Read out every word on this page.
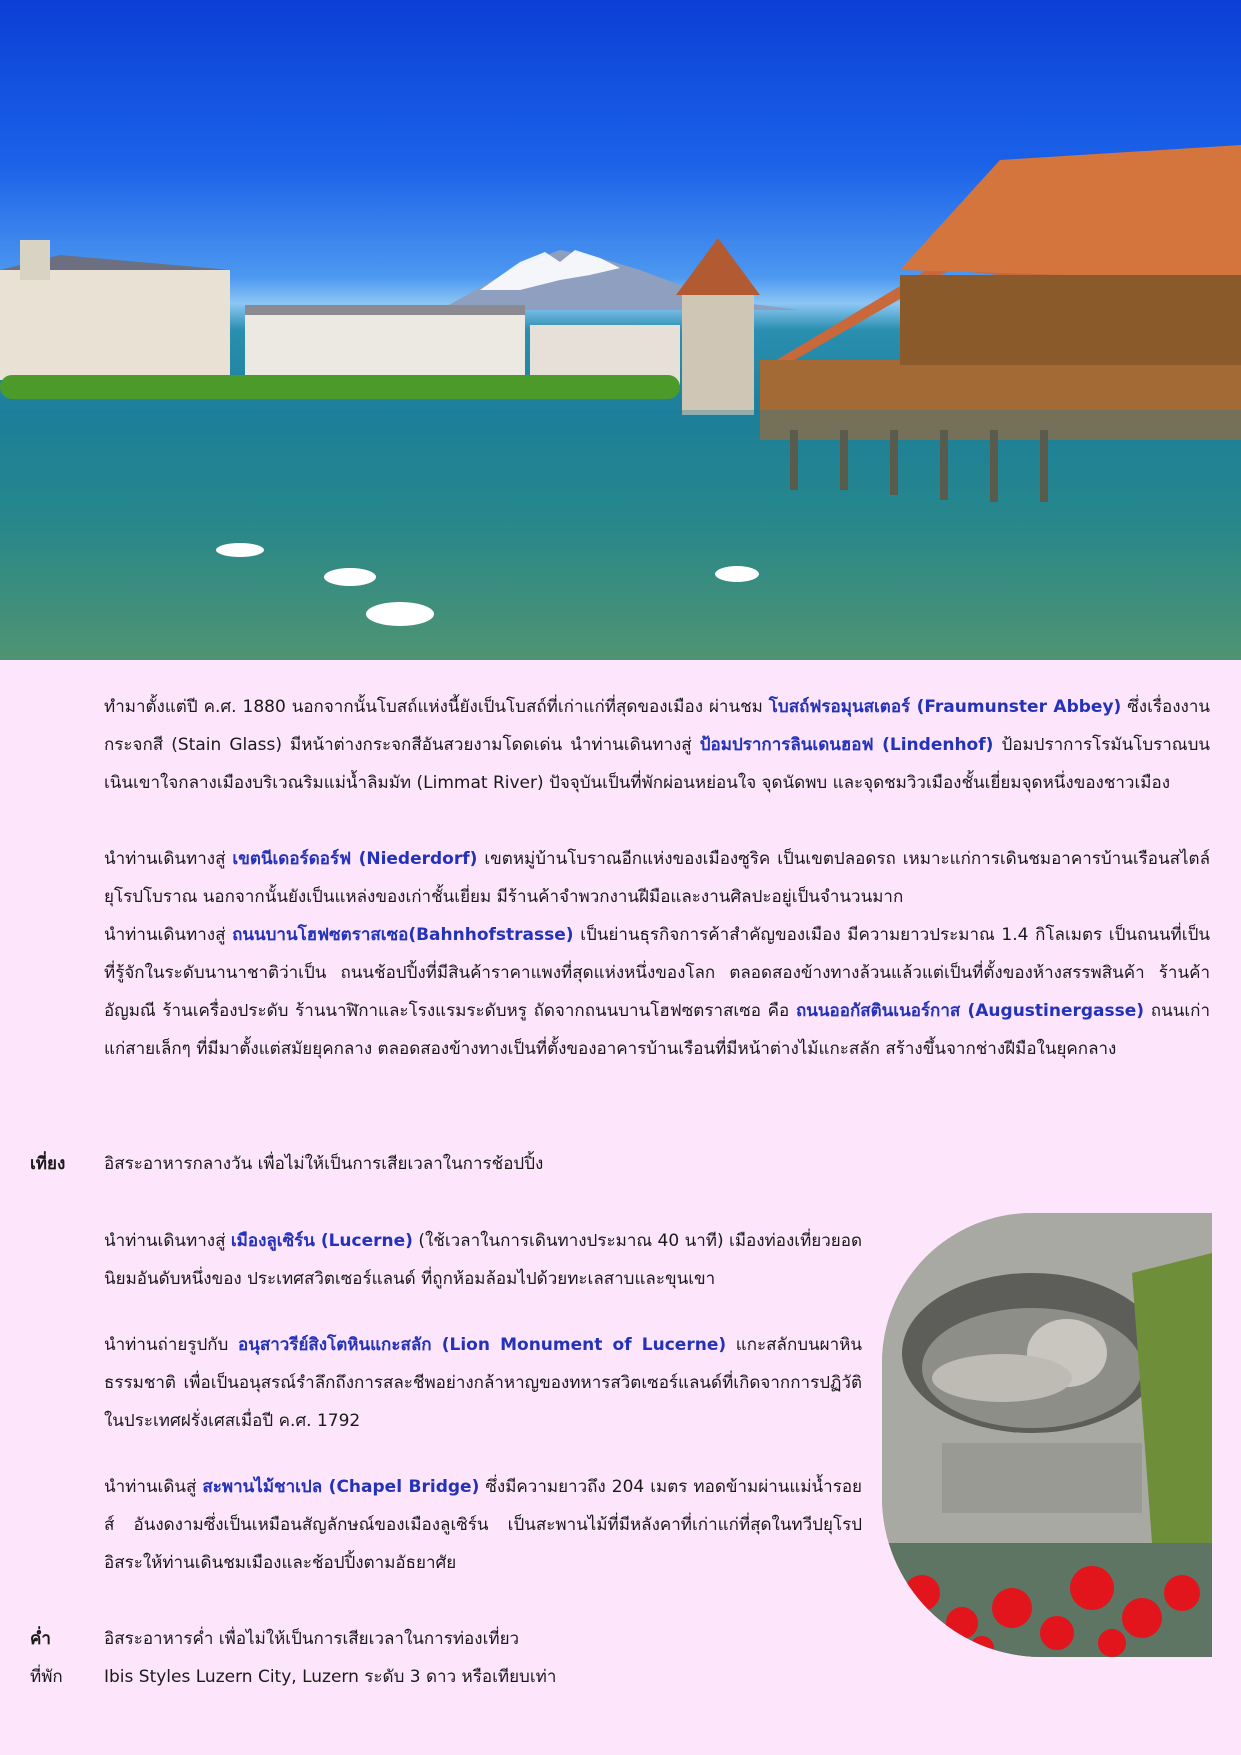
ทำมาตั้งแต่ปี ค.ศ. 1880 นอกจากนั้นโบสถ์แห่งนี้ยังเป็นโบสถ์ที่เก่าแก่ที่สุดของเมือง ผ่านชม โบสถ์ฟรอมุนสเตอร์ (Fraumunster Abbey) ซึ่งเรื่องงานกระจกสี (Stain Glass) มีหน้าต่างกระจกสีอันสวยงามโดดเด่น นำท่านเดินทางสู่ ป้อมปราการลินเดนฮอฟ (Lindenhof) ป้อมปราการโรมันโบราณบนเนินเขาใจกลางเมืองบริเวณริมแม่น้ำลิมมัท (Limmat River) ปัจจุบันเป็นที่พักผ่อนหย่อนใจ จุดนัดพบ และจุดชมวิวเมืองชั้นเยี่ยมจุดหนึ่งของชาวเมือง

นำท่านเดินทางสู่ เขตนีเดอร์ดอร์ฟ (Niederdorf) เขตหมู่บ้านโบราณอีกแห่งของเมืองซูริค เป็นเขตปลอดรถ เหมาะแก่การเดินชมอาคารบ้านเรือนสไตล์ยุโรปโบราณ นอกจากนั้นยังเป็นแหล่งของเก่าชั้นเยี่ยม มีร้านค้าจำพวกงานฝีมือและงานศิลปะอยู่เป็นจำนวนมาก

นำท่านเดินทางสู่ ถนนบานโฮฟซตราสเซอ(Bahnhofstrasse) เป็นย่านธุรกิจการค้าสำคัญของเมือง มีความยาวประมาณ 1.4 กิโลเมตร เป็นถนนที่เป็นที่รู้จักในระดับนานาชาติว่าเป็น ถนนช้อปปิ้งที่มีสินค้าราคาแพงที่สุดแห่งหนึ่งของโลก ตลอดสองข้างทางล้วนแล้วแต่เป็นที่ตั้งของห้างสรรพสินค้า ร้านค้าอัญมณี ร้านเครื่องประดับ ร้านนาฬิกาและโรงแรมระดับหรู ถัดจากถนนบานโฮฟซตราสเซอ คือ ถนนออกัสตินเนอร์กาส (Augustinergasse) ถนนเก่าแก่สายเล็กๆ ที่มีมาตั้งแต่สมัยยุคกลาง ตลอดสองข้างทางเป็นที่ตั้งของอาคารบ้านเรือนที่มีหน้าต่างไม้แกะสลัก สร้างขึ้นจากช่างฝีมือในยุคกลาง

เที่ยง อิสระอาหารกลางวัน เพื่อไม่ให้เป็นการเสียเวลาในการช้อปปิ้ง

นำท่านเดินทางสู่ เมืองลูเซิร์น (Lucerne) (ใช้เวลาในการเดินทางประมาณ 40 นาที) เมืองท่องเที่ยวยอดนิยมอันดับหนึ่งของ ประเทศสวิตเซอร์แลนด์ ที่ถูกห้อมล้อมไปด้วยทะเลสาบและขุนเขา

นำท่านถ่ายรูปกับ อนุสาวรีย์สิงโตหินแกะสลัก (Lion Monument of Lucerne) แกะสลักบนผาหินธรรมชาติ เพื่อเป็นอนุสรณ์รำลึกถึงการสละชีพอย่างกล้าหาญของทหารสวิตเซอร์แลนด์ที่เกิดจากการปฏิวัติในประเทศฝรั่งเศสเมื่อปี ค.ศ. 1792

นำท่านเดินสู่ สะพานไม้ชาเปล (Chapel Bridge) ซึ่งมีความยาวถึง 204 เมตร ทอดข้ามผ่านแม่น้ำรอยส์ อันงดงามซึ่งเป็นเหมือนสัญลักษณ์ของเมืองลูเซิร์น เป็นสะพานไม้ที่มีหลังคาที่เก่าแก่ที่สุดในทวีปยุโรป อิสระให้ท่านเดินชมเมืองและช้อปปิ้งตามอัธยาศัย

ค่ำ	อิสระอาหารค่ำ เพื่อไม่ให้เป็นการเสียเวลาในการท่องเที่ยว
ที่พัก Ibis Styles Luzern City, Luzern ระดับ 3 ดาว หรือเทียบเท่า
